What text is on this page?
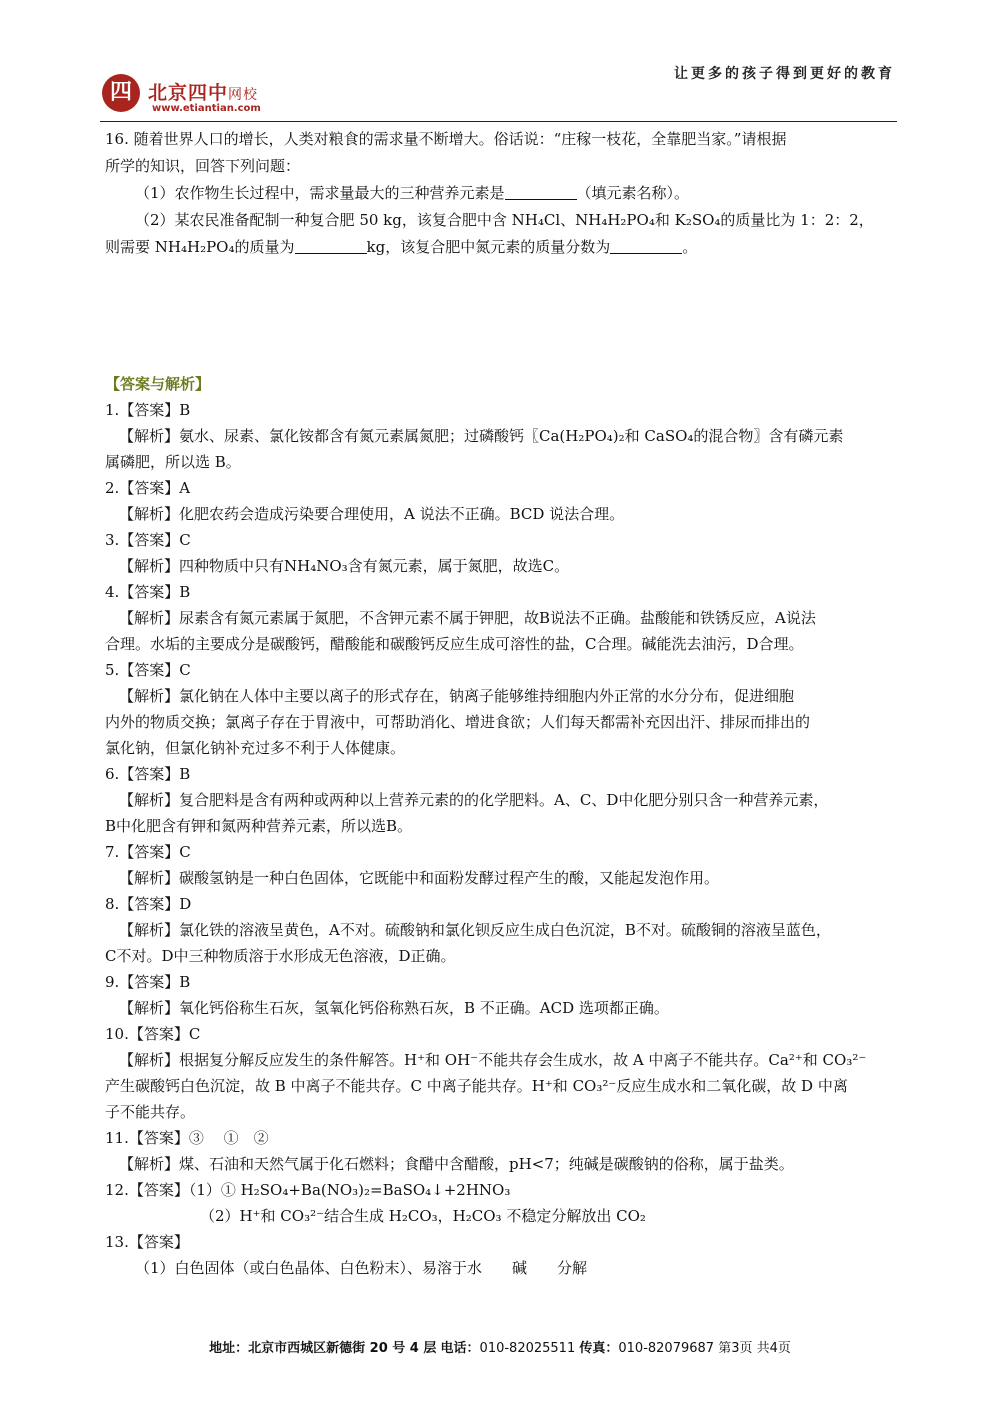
四 北京四中网校
www.etiantian.com
让更多的孩子得到更好的教育

16. 随着世界人口的增长，人类对粮食的需求量不断增大。俗话说：“庄稼一枝花，全靠肥当家。”请根据

所学的知识，回答下列问题：

（1）农作物生长过程中，需求量最大的三种营养元素是	（填元素名称）。

（2）某农民准备配制一种复合肥 50 kg，该复合肥中含 NH₄Cl、NH₄H₂PO₄和 K₂SO₄的质量比为 1：2：2，

则需要 NH₄H₂PO₄的质量为	kg，该复合肥中氮元素的质量分数为	。

【答案与解析】

1.【答案】B

【解析】氨水、尿素、氯化铵都含有氮元素属氮肥；过磷酸钙〖Ca(H₂PO₄)₂和 CaSO₄的混合物〗含有磷元素

属磷肥，所以选 B。

2.【答案】A

【解析】化肥农药会造成污染要合理使用，A 说法不正确。BCD 说法合理。

3.【答案】C

【解析】四种物质中只有NH₄NO₃含有氮元素，属于氮肥，故选C。

4.【答案】B

【解析】尿素含有氮元素属于氮肥，不含钾元素不属于钾肥，故B说法不正确。盐酸能和铁锈反应，A说法

合理。水垢的主要成分是碳酸钙，醋酸能和碳酸钙反应生成可溶性的盐，C合理。碱能洗去油污，D合理。

5.【答案】C

【解析】氯化钠在人体中主要以离子的形式存在，钠离子能够维持细胞内外正常的水分分布，促进细胞

内外的物质交换；氯离子存在于胃液中，可帮助消化、增进食欲；人们每天都需补充因出汗、排尿而排出的

氯化钠，但氯化钠补充过多不利于人体健康。

6.【答案】B

【解析】复合肥料是含有两种或两种以上营养元素的的化学肥料。A、C、D中化肥分别只含一种营养元素，

B中化肥含有钾和氮两种营养元素，所以选B。

7.【答案】C

【解析】碳酸氢钠是一种白色固体，它既能中和面粉发酵过程产生的酸，又能起发泡作用。

8.【答案】D

【解析】氯化铁的溶液呈黄色，A不对。硫酸钠和氯化钡反应生成白色沉淀，B不对。硫酸铜的溶液呈蓝色，

C不对。D中三种物质溶于水形成无色溶液，D正确。

9.【答案】B

【解析】氧化钙俗称生石灰，氢氧化钙俗称熟石灰，B 不正确。ACD 选项都正确。

10.【答案】C

【解析】根据复分解反应发生的条件解答。H⁺和 OH⁻不能共存会生成水，故 A 中离子不能共存。Ca²⁺和 CO₃²⁻

产生碳酸钙白色沉淀，故 B 中离子不能共存。C 中离子能共存。H⁺和 CO₃²⁻反应生成水和二氧化碳，故 D 中离

子不能共存。

11.【答案】③　 ①　②

【解析】煤、石油和天然气属于化石燃料；食醋中含醋酸，pH<7；纯碱是碳酸钠的俗称，属于盐类。

12.【答案】（1）① H₂SO₄+Ba(NO₃)₂=BaSO₄↓+2HNO₃

（2）H⁺和 CO₃²⁻结合生成 H₂CO₃，H₂CO₃ 不稳定分解放出 CO₂

13.【答案】

（1）白色固体（或白色晶体、白色粉末）、易溶于水　　碱　　分解

地址：北京市西城区新德街 20 号 4 层 电话：010-82025511 传真：010-82079687 第3页 共4页
